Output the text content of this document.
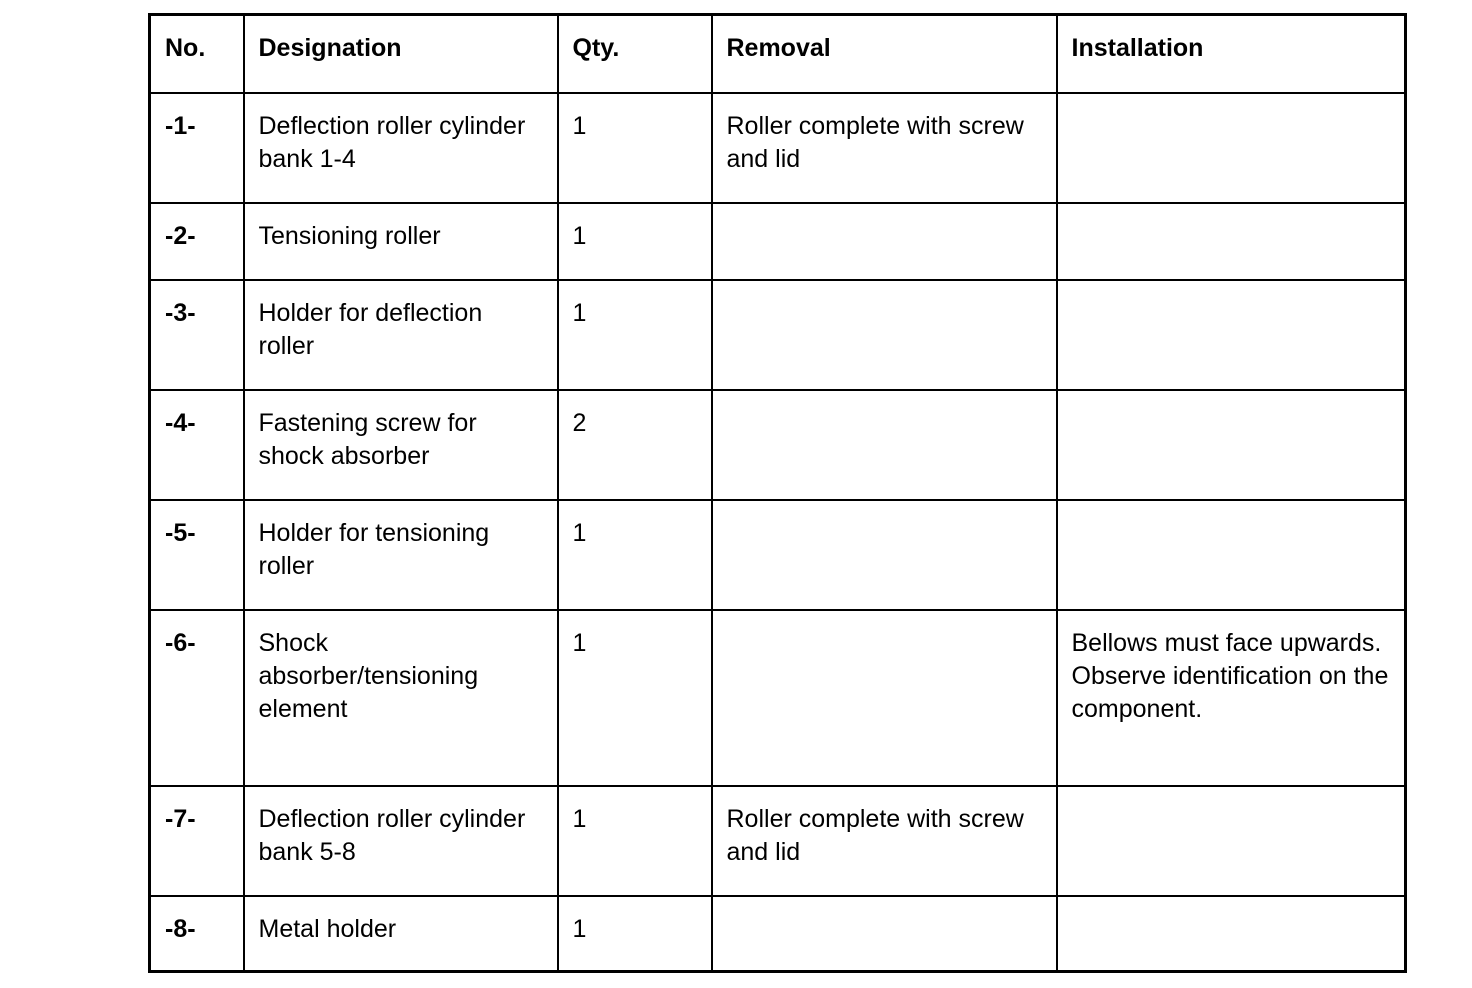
No.	Designation	Qty.	Removal	Installation
-1-	Deflection roller cylinder bank 1-4	1	Roller complete with screw and lid	
-2-	Tensioning roller	1		
-3-	Holder for deflection roller	1		
-4-	Fastening screw for shock absorber	2		
-5-	Holder for tensioning roller	1		
-6-	Shock absorber/tensioning element	1		Bellows must face upwards. Observe identification on the component.
-7-	Deflection roller cylinder bank 5-8	1	Roller complete with screw and lid	
-8-	Metal holder	1		
